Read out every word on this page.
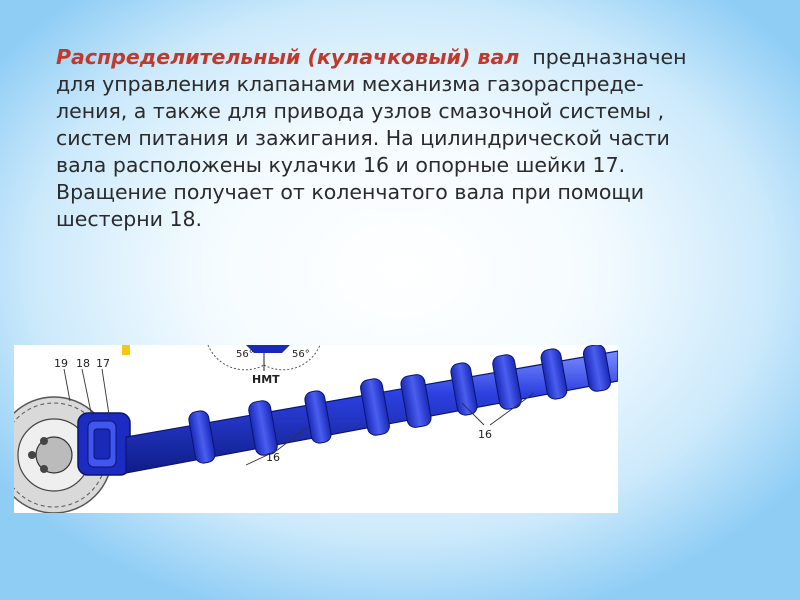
Распределительный (кулачковый) вал предназначен
для управления клапанами механизма газораспреде-
ления, а также для привода узлов смазочной системы ,
систем питания и зажигания. На цилиндрической части
вала расположены кулачки 16 и опорные шейки 17.
Вращение получает от коленчатого вала при помощи
шестерни 18.
56°	56°
НМТ
19 18 17
16
16
